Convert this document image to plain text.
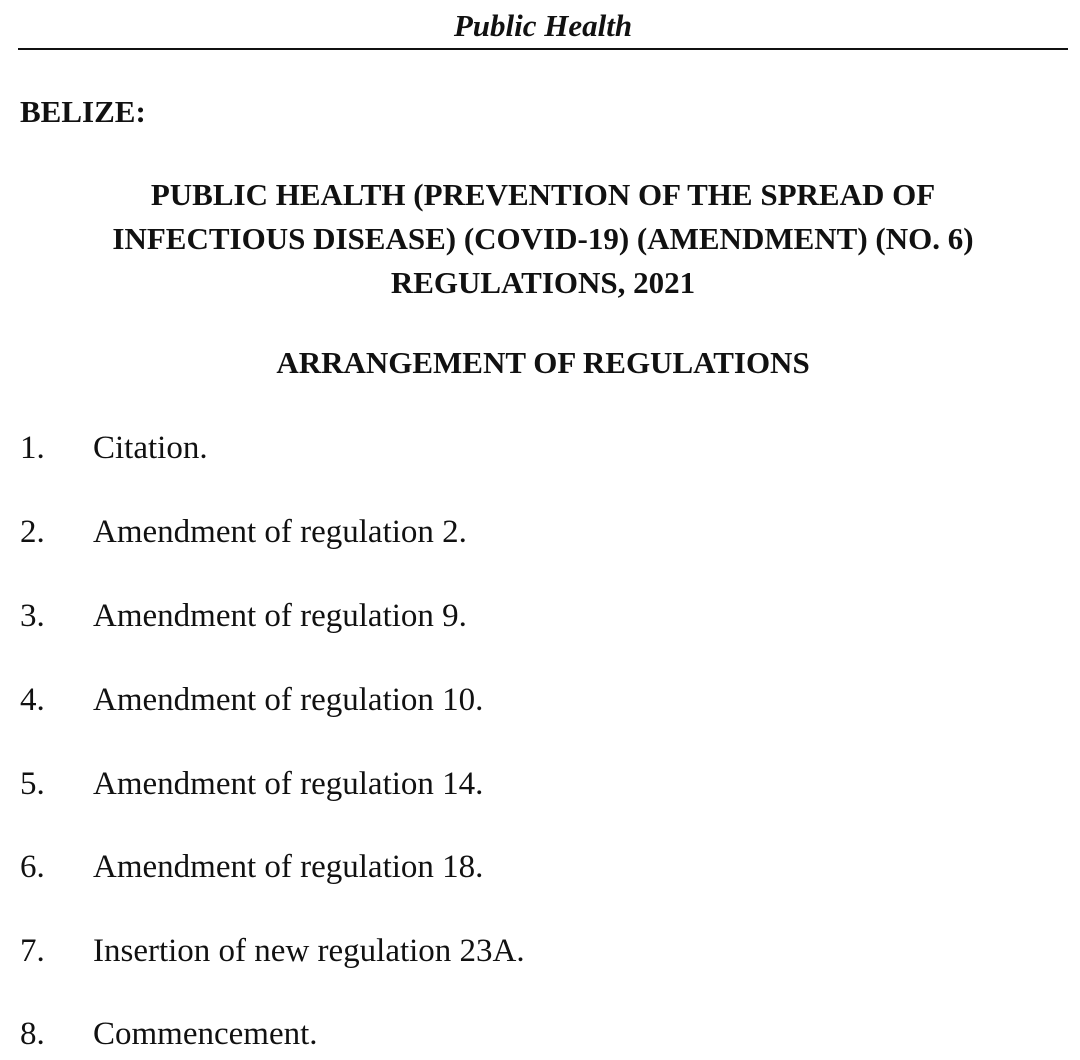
Public Health
BELIZE:
PUBLIC HEALTH (PREVENTION OF THE SPREAD OF
INFECTIOUS DISEASE) (COVID-19) (AMENDMENT) (NO. 6)
REGULATIONS, 2021
ARRANGEMENT OF REGULATIONS
1. Citation.
2. Amendment of regulation 2.
3. Amendment of regulation 9.
4. Amendment of regulation 10.
5. Amendment of regulation 14.
6. Amendment of regulation 18.
7. Insertion of new regulation 23A.
8. Commencement.
